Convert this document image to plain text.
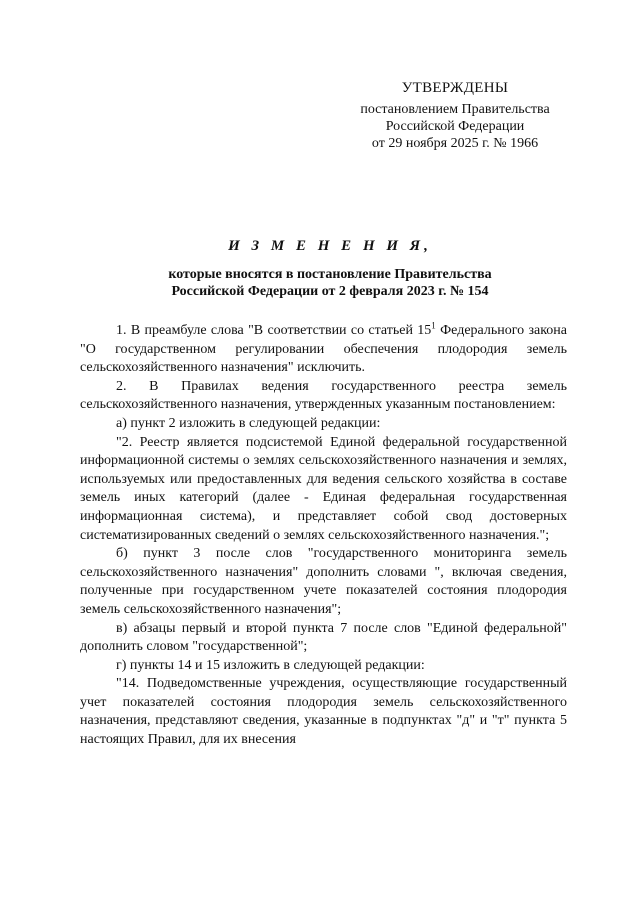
УТВЕРЖДЕНЫ
постановлением Правительства
Российской Федерации
от 29 ноября 2025 г. № 1966
И З М Е Н Е Н И Я,
которые вносятся в постановление Правительства
Российской Федерации от 2 февраля 2023 г. № 154

1. В преамбуле слова "В соответствии со статьей $15^1$ Федерального закона "О государственном регулировании обеспечения плодородия земель сельскохозяйственного назначения" исключить.

2. В Правилах ведения государственного реестра земель сельскохозяйственного назначения, утвержденных указанным постановлением:

а) пункт 2 изложить в следующей редакции:

"2. Реестр является подсистемой Единой федеральной государственной информационной системы о землях сельскохозяйственного назначения и землях, используемых или предоставленных для ведения сельского хозяйства в составе земель иных категорий (далее - Единая федеральная государственная информационная система), и представляет собой свод достоверных систематизированных сведений о землях сельскохозяйственного назначения.";

б) пункт 3 после слов "государственного мониторинга земель сельскохозяйственного назначения" дополнить словами ", включая сведения, полученные при государственном учете показателей состояния плодородия земель сельскохозяйственного назначения";

в) абзацы первый и второй пункта 7 после слов "Единой федеральной" дополнить словом "государственной";

г) пункты 14 и 15 изложить в следующей редакции:

"14. Подведомственные учреждения, осуществляющие государственный учет показателей состояния плодородия земель сельскохозяйственного назначения, представляют сведения, указанные в подпунктах "д" и "т" пункта 5 настоящих Правил, для их внесения
